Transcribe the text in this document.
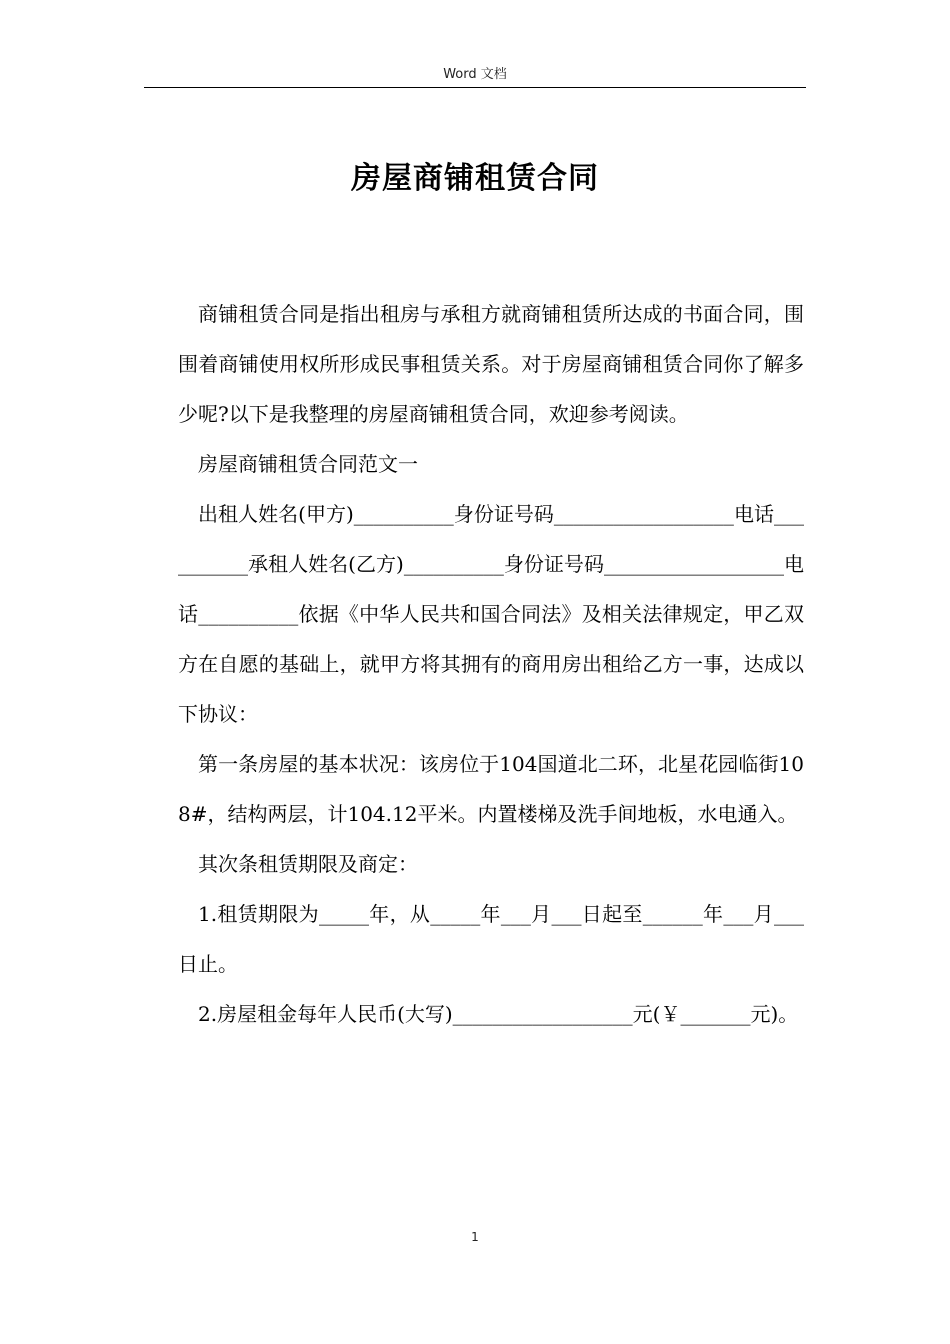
Word 文档
房屋商铺租赁合同

商铺租赁合同是指出租房与承租方就商铺租赁所达成的书面合同，围围着商铺使用权所形成民事租赁关系。对于房屋商铺租赁合同你了解多少呢?以下是我整理的房屋商铺租赁合同，欢迎参考阅读。

房屋商铺租赁合同范文一

出租人姓名(甲方)__________身份证号码__________________电话__________承租人姓名(乙方)__________身份证号码__________________电话__________依据《中华人民共和国合同法》及相关法律规定，甲乙双方在自愿的基础上，就甲方将其拥有的商用房出租给乙方一事，达成以下协议：

第一条房屋的基本状况：该房位于104国道北二环，北星花园临街108#，结构两层，计104.12平米。内置楼梯及洗手间地板，水电通入。

其次条租赁期限及商定：

1.租赁期限为_____年，从_____年___月___日起至______年___月___日止。

2.房屋租金每年人民币(大写)__________________元(￥_______元)。

1
